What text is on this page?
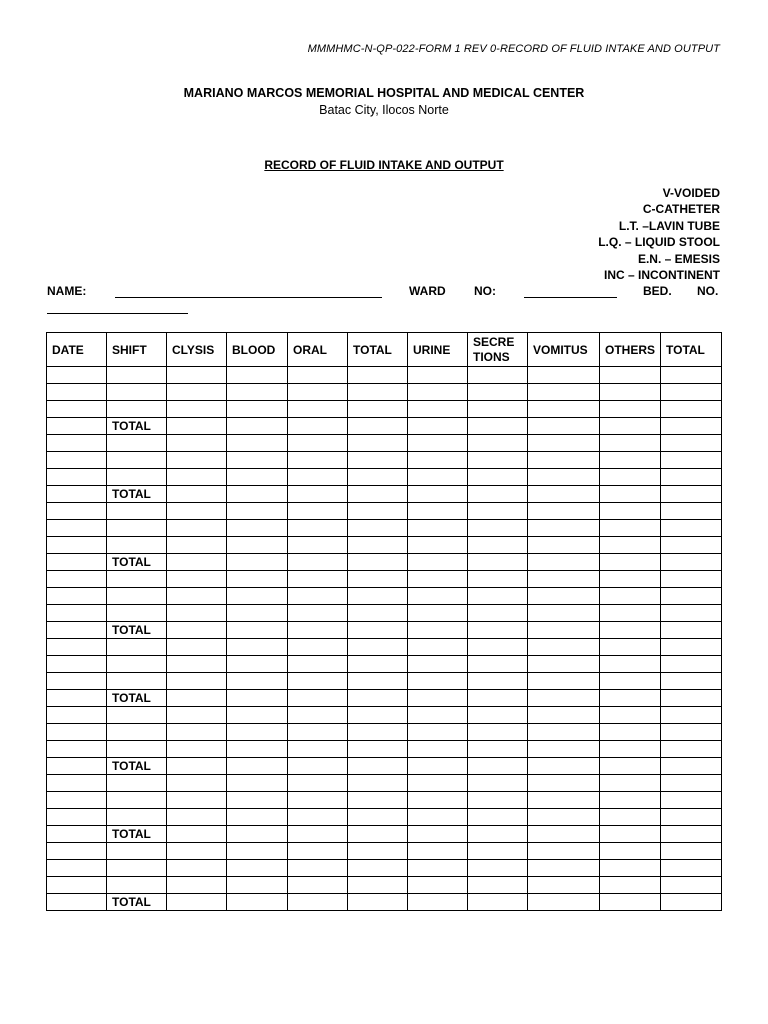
MMMHMC-N-QP-022-FORM 1 REV 0-RECORD OF FLUID INTAKE AND OUTPUT
MARIANO MARCOS MEMORIAL HOSPITAL AND MEDICAL CENTER
Batac City, Ilocos Norte
RECORD OF FLUID INTAKE AND OUTPUT
V-VOIDED
C-CATHETER
L.T. –LAVIN TUBE
L.Q. – LIQUID STOOL
E.N. – EMESIS
INC – INCONTINENT
NAME:	WARD NO:	BED. NO.
DATE	SHIFT	CLYSIS	BLOOD	ORAL	TOTAL	URINE	SECRE TIONS	VOMITUS	OTHERS	TOTAL

	TOTAL									

	TOTAL									

	TOTAL									

	TOTAL									

	TOTAL									

	TOTAL									

	TOTAL									

	TOTAL									
